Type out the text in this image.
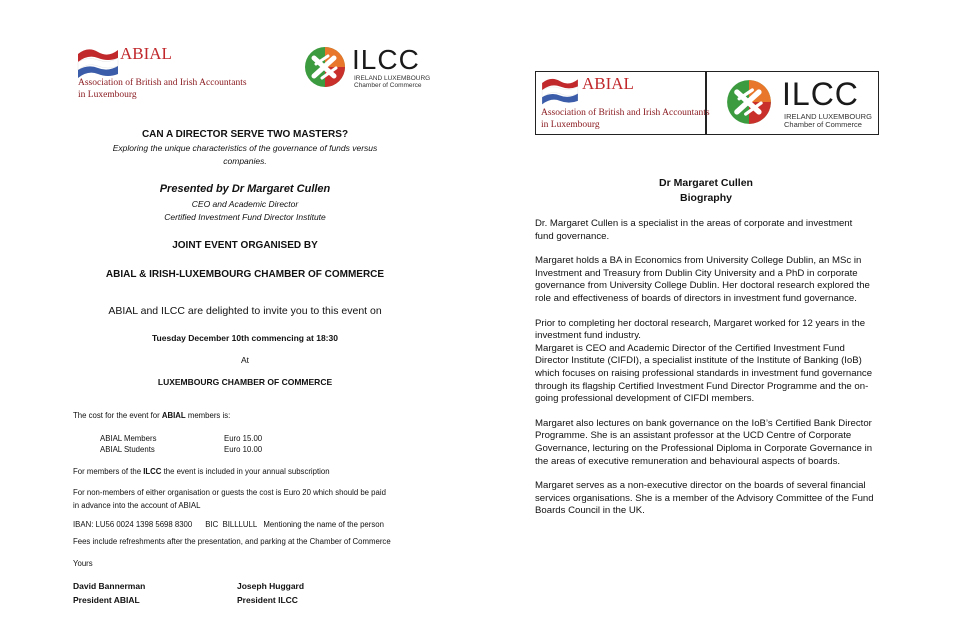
ABIAL
Association of British and Irish Accountants
in Luxembourg
ILCC
IRELAND LUXEMBOURG
Chamber of Commerce
CAN A DIRECTOR SERVE TWO MASTERS?
Exploring the unique characteristics of the governance of funds versus
companies.
Presented by Dr Margaret Cullen
CEO and Academic Director
Certified Investment Fund Director Institute
JOINT EVENT ORGANISED BY
ABIAL & IRISH-LUXEMBOURG CHAMBER OF COMMERCE
ABIAL and ILCC are delighted to invite you to this event on
Tuesday December 10th commencing at 18:30
At
LUXEMBOURG CHAMBER OF COMMERCE
The cost for the event for ABIAL members is:
ABIAL Members	Euro 15.00
ABIAL Students	Euro 10.00
For members of the ILCC the event is included in your annual subscription
For non-members of either organisation or guests the cost is Euro 20 which should be paid
in advance into the account of ABIAL
IBAN: LU56 0024 1398 5698 8300      BIC  BILLLULL   Mentioning the name of the person
Fees include refreshments after the presentation, and parking at the Chamber of Commerce
Yours
David Bannerman
President ABIAL
Joseph Huggard
President ILCC
ABIAL
Association of British and Irish Accountants
in Luxembourg
ILCC
IRELAND LUXEMBOURG
Chamber of Commerce
Dr Margaret Cullen
Biography

Dr. Margaret Cullen is a specialist in the areas of corporate and investment
fund governance.

Margaret holds a BA in Economics from University College Dublin, an MSc in
Investment and Treasury from Dublin City University and a PhD in corporate
governance from University College Dublin. Her doctoral research explored the
role and effectiveness of boards of directors in investment fund governance.

Prior to completing her doctoral research, Margaret worked for 12 years in the
investment fund industry.
Margaret is CEO and Academic Director of the Certified Investment Fund
Director Institute (CIFDI), a specialist institute of the Institute of Banking (IoB)
which focuses on raising professional standards in investment fund governance
through its flagship Certified Investment Fund Director Programme and the on-
going professional development of CIFDI members.

Margaret also lectures on bank governance on the IoB’s Certified Bank Director
Programme. She is an assistant professor at the UCD Centre of Corporate
Governance, lecturing on the Professional Diploma in Corporate Governance in
the areas of executive remuneration and behavioural aspects of boards.

Margaret serves as a non-executive director on the boards of several financial
services organisations. She is a member of the Advisory Committee of the Fund
Boards Council in the UK.
